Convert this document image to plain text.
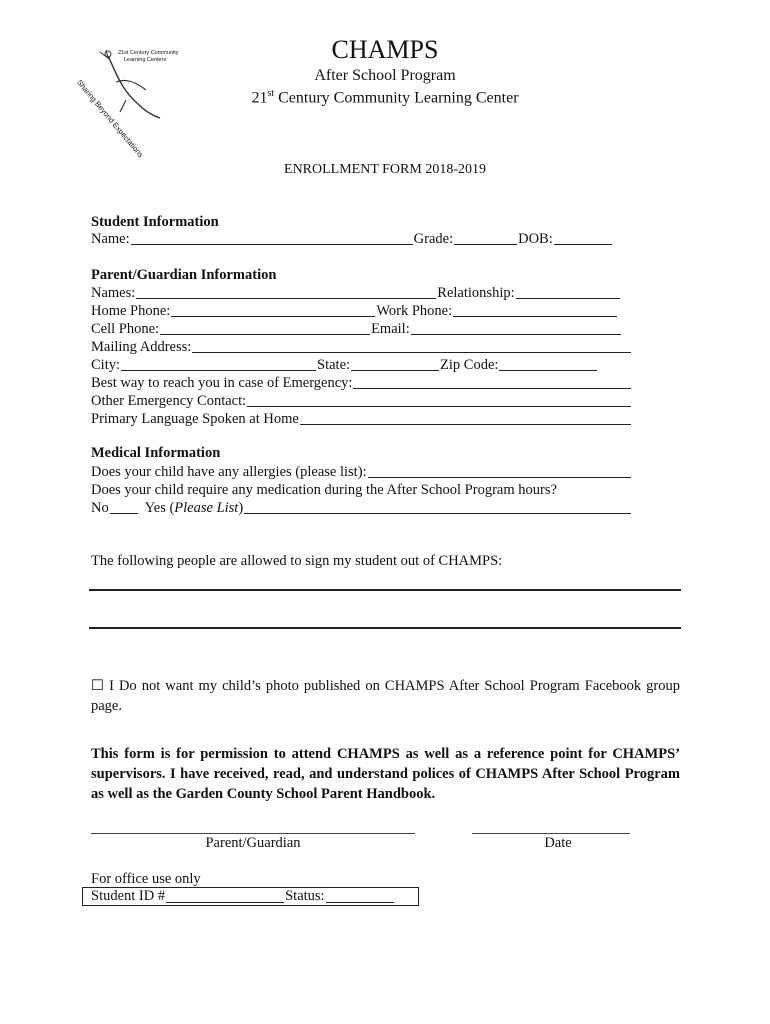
21st Century Community
Learning Centers
Sharing Beyond Expectations
CHAMPS
After School Program
21st Century Community Learning Center
ENROLLMENT FORM 2018-2019
Student Information
Name:	Grade:	DOB:
Parent/Guardian Information
Names:	Relationship:
Home Phone:	Work Phone:
Cell Phone:	Email:
Mailing Address:
City:	State:	Zip Code:
Best way to reach you in case of Emergency:
Other Emergency Contact:
Primary Language Spoken at Home
Medical Information
Does your child have any allergies (please list):
Does your child require any medication during the After School Program hours?
No Yes ( Please List )
The following people are allowed to sign my student out of CHAMPS:
☐ I Do not want my child’s photo published on CHAMPS After School Program Facebook group page.
This form is for permission to attend CHAMPS as well as a reference point for CHAMPS’ supervisors. I have received, read, and understand polices of CHAMPS After School Program as well as the Garden County School Parent Handbook.
Parent/Guardian	Date
For office use only
Student ID #	Status:
